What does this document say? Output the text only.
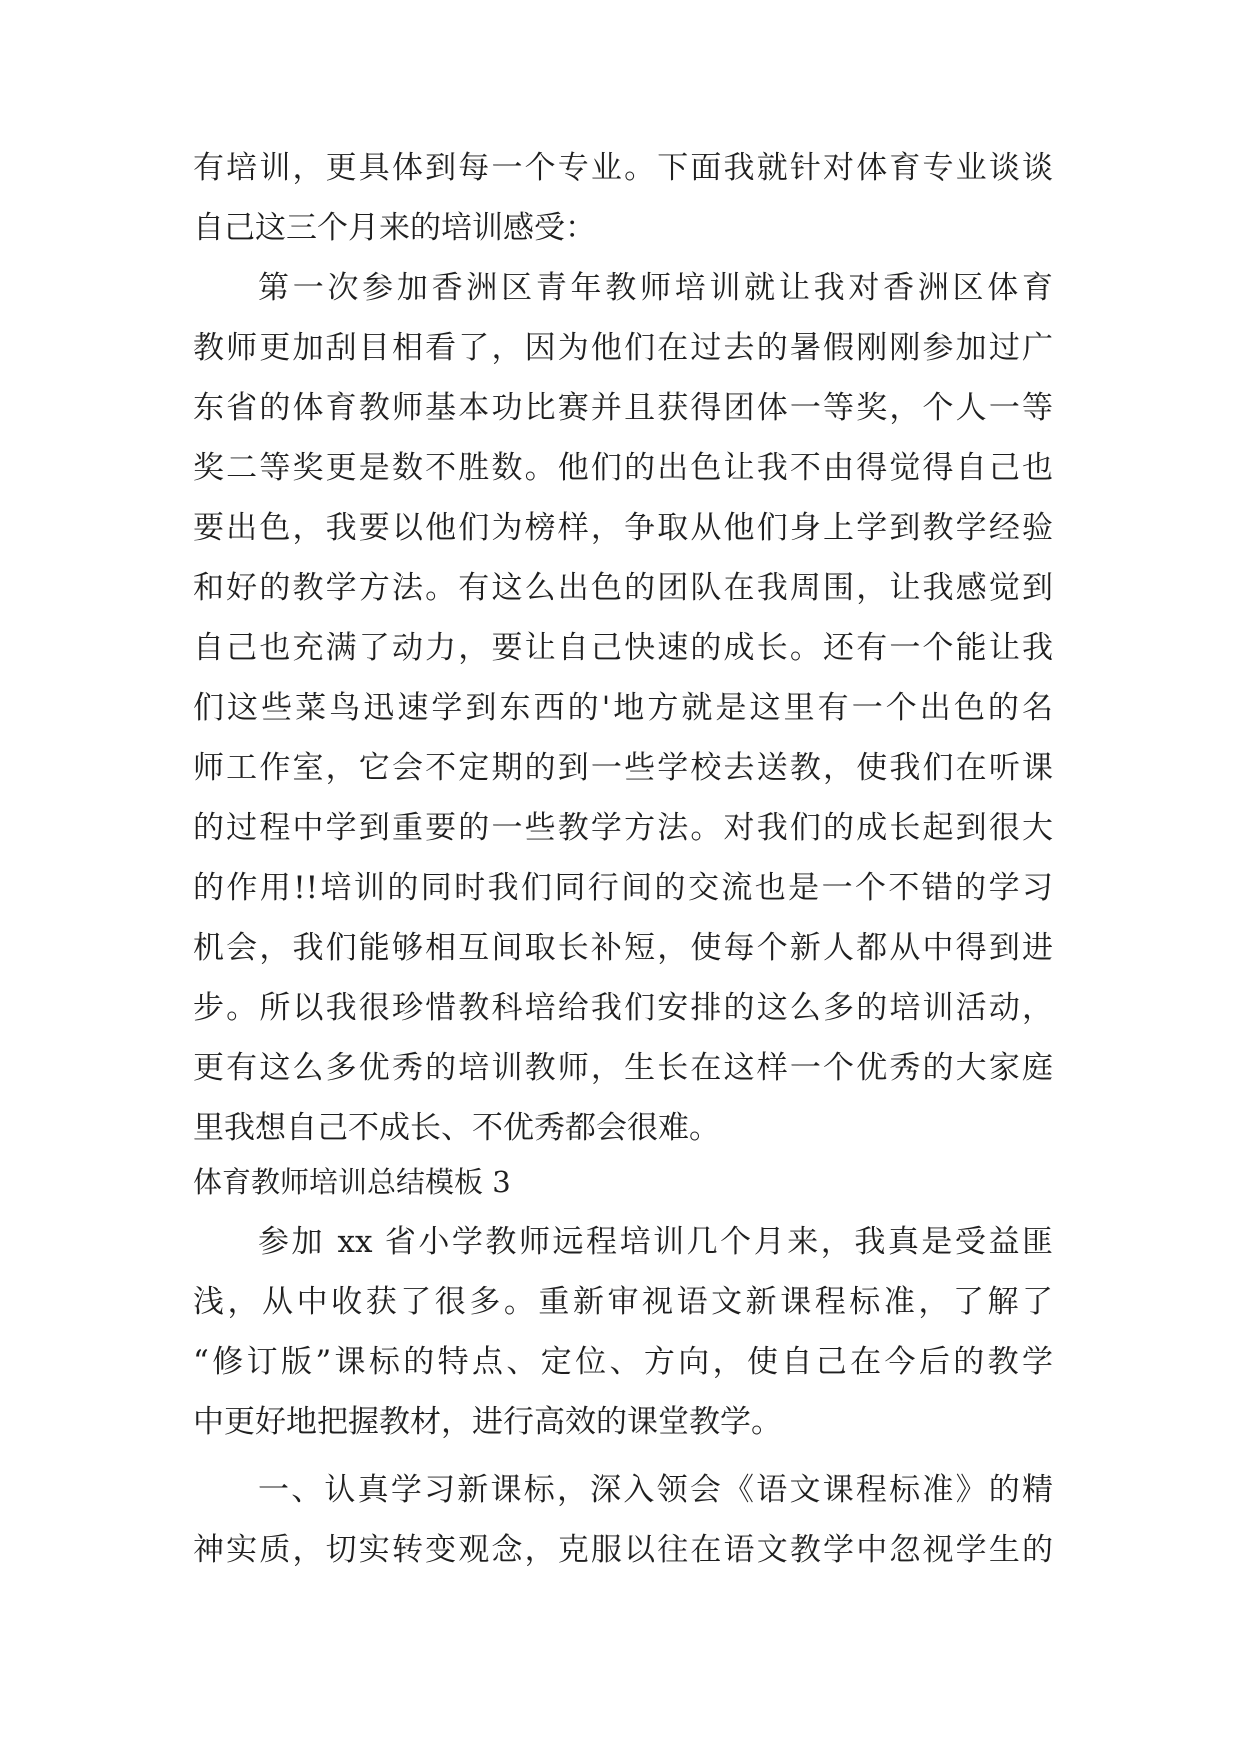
有培训，更具体到每一个专业。下面我就针对体育专业谈谈
自己这三个月来的培训感受：
第一次参加香洲区青年教师培训就让我对香洲区体育
教师更加刮目相看了，因为他们在过去的暑假刚刚参加过广
东省的体育教师基本功比赛并且获得团体一等奖，个人一等
奖二等奖更是数不胜数。他们的出色让我不由得觉得自己也
要出色，我要以他们为榜样，争取从他们身上学到教学经验
和好的教学方法。有这么出色的团队在我周围，让我感觉到
自己也充满了动力，要让自己快速的成长。还有一个能让我
们这些菜鸟迅速学到东西的'地方就是这里有一个出色的名
师工作室，它会不定期的到一些学校去送教，使我们在听课
的过程中学到重要的一些教学方法。对我们的成长起到很大
的作用!!培训的同时我们同行间的交流也是一个不错的学习
机会，我们能够相互间取长补短，使每个新人都从中得到进
步。所以我很珍惜教科培给我们安排的这么多的培训活动，
更有这么多优秀的培训教师，生长在这样一个优秀的大家庭
里我想自己不成长、不优秀都会很难。
体育教师培训总结模板 3
参加 xx 省小学教师远程培训几个月来，我真是受益匪
浅，从中收获了很多。重新审视语文新课程标准，了解了
“修订版”课标的特点、定位、方向，使自己在今后的教学
中更好地把握教材，进行高效的课堂教学。
一、认真学习新课标，深入领会《语文课程标准》的精
神实质，切实转变观念，克服以往在语文教学中忽视学生的
